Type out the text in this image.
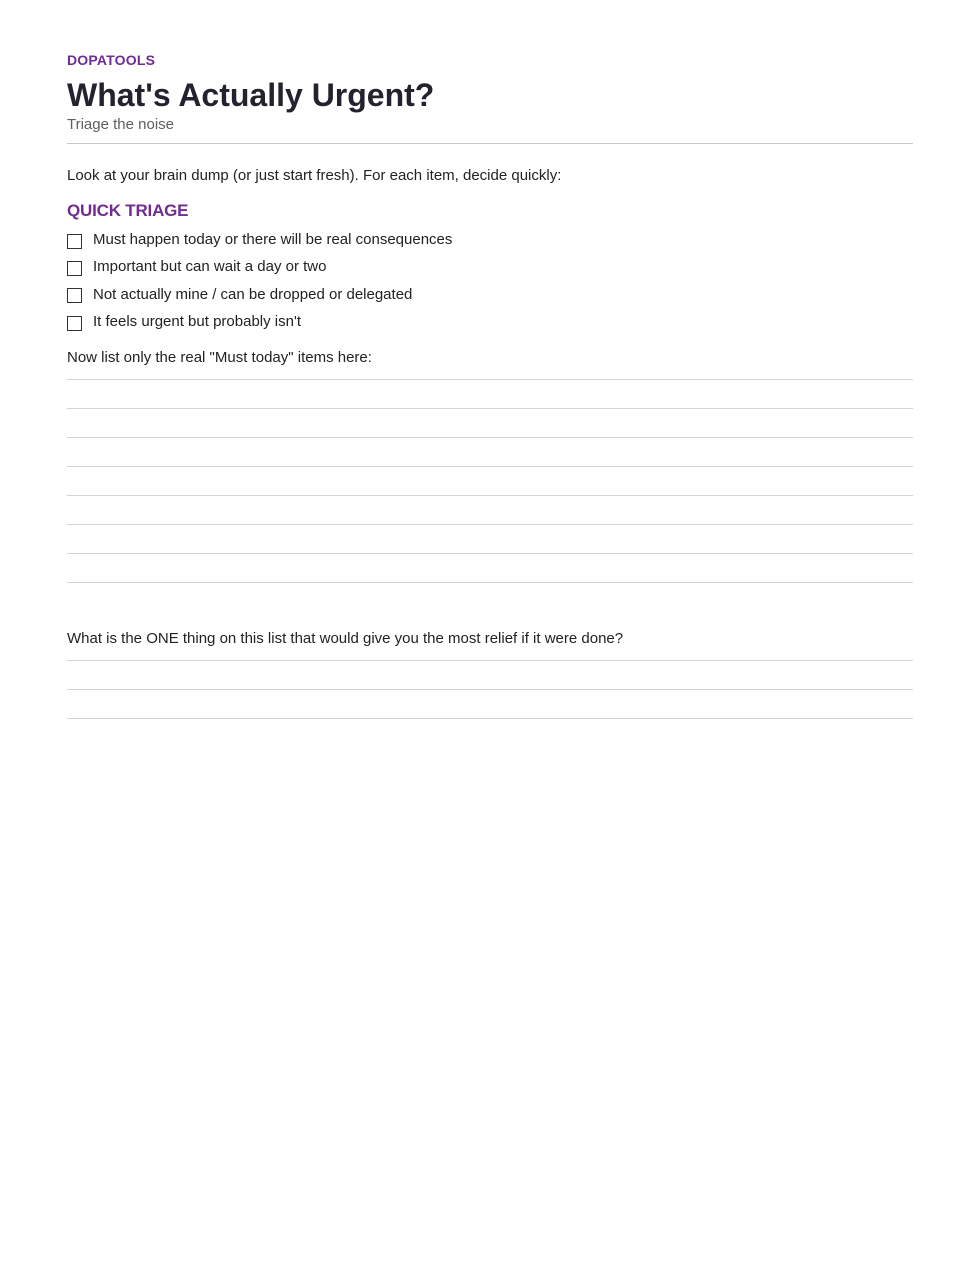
DOPATOOLS
What's Actually Urgent?
Triage the noise
Look at your brain dump (or just start fresh). For each item, decide quickly:
QUICK TRIAGE
Must happen today or there will be real consequences
Important but can wait a day or two
Not actually mine / can be dropped or delegated
It feels urgent but probably isn't
Now list only the real "Must today" items here:
What is the ONE thing on this list that would give you the most relief if it were done?
